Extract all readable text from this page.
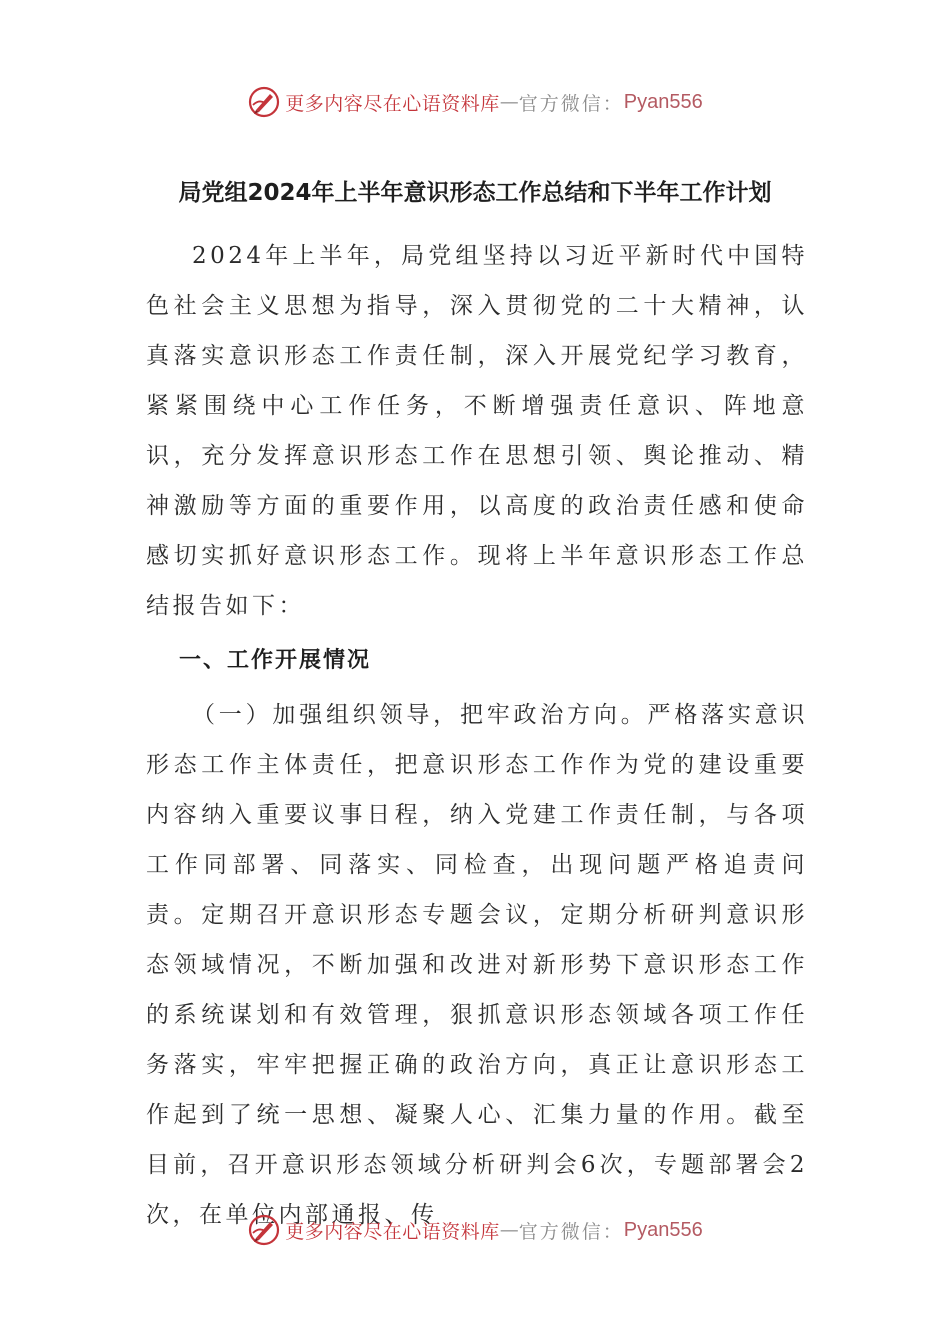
更多内容尽在心语资料库 — 官方微信： Pyan556
局党组2024年上半年意识形态工作总结和下半年工作计划

2024年上半年，局党组坚持以习近平新时代中国特色社会主义思想为指导，深入贯彻党的二十大精神，认真落实意识形态工作责任制，深入开展党纪学习教育，紧紧围绕中心工作任务，不断增强责任意识、阵地意识，充分发挥意识形态工作在思想引领、舆论推动、精神激励等方面的重要作用，以高度的政治责任感和使命感切实抓好意识形态工作。现将上半年意识形态工作总结报告如下：

一、工作开展情况

（一）加强组织领导，把牢政治方向。严格落实意识形态工作主体责任，把意识形态工作作为党的建设重要内容纳入重要议事日程，纳入党建工作责任制，与各项工作同部署、同落实、同检查，出现问题严格追责问责。定期召开意识形态专题会议，定期分析研判意识形态领域情况，不断加强和改进对新形势下意识形态工作的系统谋划和有效管理，狠抓意识形态领域各项工作任务落实，牢牢把握正确的政治方向，真正让意识形态工作起到了统一思想、凝聚人心、汇集力量的作用。截至目前，召开意识形态领域分析研判会6次，专题部署会2次，在单位内部通报、传

更多内容尽在心语资料库 — 官方微信： Pyan556
